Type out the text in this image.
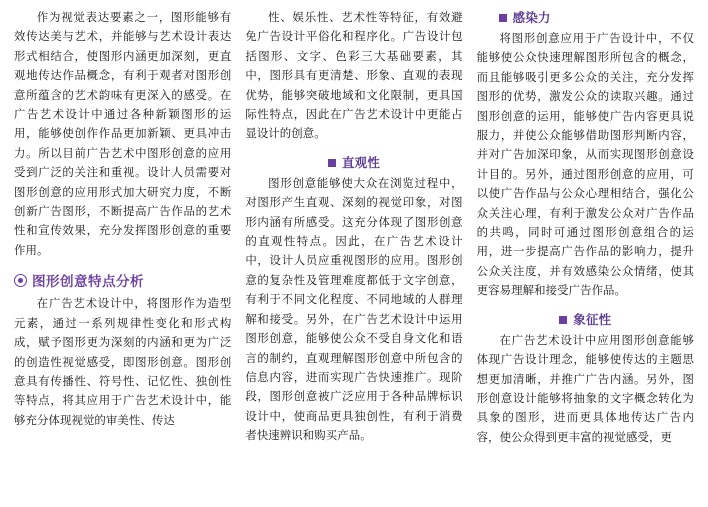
作为视觉表达要素之一，图形能够有效传达美与艺术，并能够与艺术设计表达形式相结合，使图形内涵更加深刻，更直观地传达作品概念，有利于观者对图形创意所蕴含的艺术韵味有更深入的感受。在广告艺术设计中通过各种新颖图形的运用，能够使创作作品更加新颖、更具冲击力。所以目前广告艺术中图形创意的应用受到广泛的关注和重视。设计人员需要对图形创意的应用形式加大研究力度，不断创新广告图形，不断提高广告作品的艺术性和宣传效果，充分发挥图形创意的重要作用。

图形创意特点分析

在广告艺术设计中，将图形作为造型元素，通过一系列规律性变化和形式构成，赋予图形更为深刻的内涵和更为广泛的创造性视觉感受，即图形创意。图形创意具有传播性、符号性、记忆性、独创性等特点，将其应用于广告艺术设计中，能够充分体现视觉的审美性、传达

性、娱乐性、艺术性等特征，有效避免广告设计平俗化和程序化。广告设计包括图形、文字、色彩三大基础要素，其中，图形具有更清楚、形象、直观的表现优势，能够突破地域和文化限制，更具国际性特点，因此在广告艺术设计中更能占显设计的创意。

直观性

图形创意能够使大众在浏览过程中，对图形产生直观、深刻的视觉印象，对图形内涵有所感受。这充分体现了图形创意的直观性特点。因此，在广告艺术设计中，设计人员应重视图形的应用。图形创意的复杂性及管理难度都低于文字创意，有利于不同文化程度、不同地域的人群理解和接受。另外，在广告艺术设计中运用图形创意，能够使公众不受自身文化和语言的制约，直观理解图形创意中所包含的信息内容，进而实现广告快速推广。现阶段，图形创意被广泛应用于各种品牌标识设计中，使商品更具独创性，有利于消费者快速辨识和购买产品。

感染力

将图形创意应用于广告设计中，不仅能够使公众快速理解图形所包含的概念，而且能够吸引更多公众的关注，充分发挥图形的优势，激发公众的读取兴趣。通过图形创意的运用，能够使广告内容更具说服力，并使公众能够借助图形判断内容，并对广告加深印象，从而实现图形创意设计目的。另外，通过图形创意的应用，可以使广告作品与公众心理相结合，强化公众关注心理，有利于激发公众对广告作品的共鸣，同时可通过图形创意组合的运用，进一步提高广告作品的影响力，提升公众关注度，并有效感染公众情绪，使其更容易理解和接受广告作品。

象征性

在广告艺术设计中应用图形创意能够体现广告设计理念，能够使传达的主题思想更加清晰，并推广广告内涵。另外，图形创意设计能够将抽象的文字概念转化为具象的图形，进而更具体地传达广告内容，使公众得到更丰富的视觉感受，更
